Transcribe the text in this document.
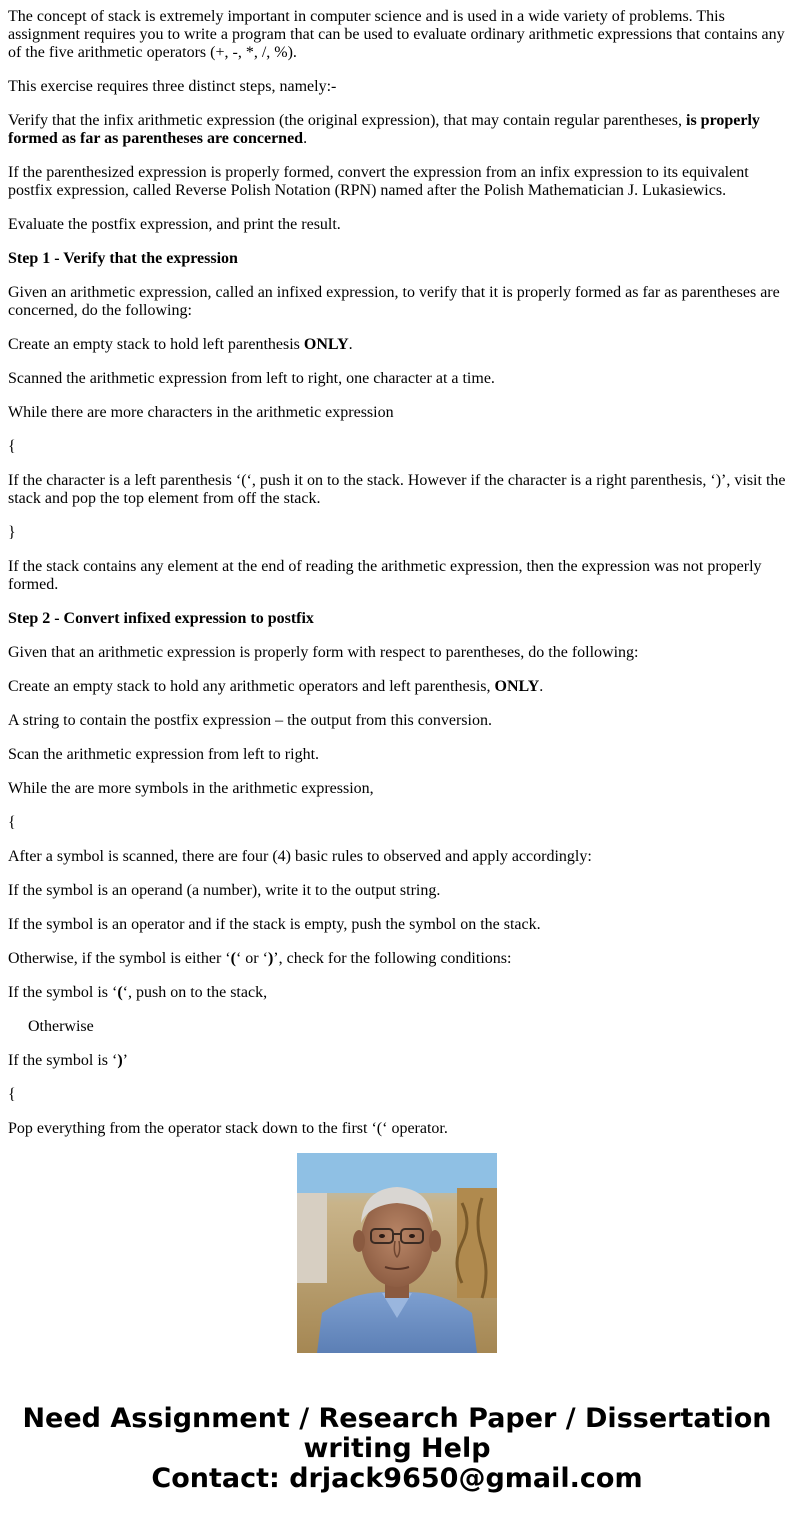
The concept of stack is extremely important in computer science and is used in a wide variety of problems. This assignment requires you to write a program that can be used to evaluate ordinary arithmetic expressions that contains any of the five arithmetic operators (+, -, *, /, %).

This exercise requires three distinct steps, namely:-

Verify that the infix arithmetic expression (the original expression), that may contain regular parentheses, is properly formed as far as parentheses are concerned.

If the parenthesized expression is properly formed, convert the expression from an infix expression to its equivalent postfix expression, called Reverse Polish Notation (RPN) named after the Polish Mathematician J. Lukasiewics.

Evaluate the postfix expression, and print the result.

Step 1 - Verify that the expression

Given an arithmetic expression, called an infixed expression, to verify that it is properly formed as far as parentheses are concerned, do the following:

Create an empty stack to hold left parenthesis ONLY.

Scanned the arithmetic expression from left to right, one character at a time.

While there are more characters in the arithmetic expression

{

If the character is a left parenthesis ‘(‘, push it on to the stack. However if the character is a right parenthesis, ‘)’, visit the stack and pop the top element from off the stack.

}

If the stack contains any element at the end of reading the arithmetic expression, then the expression was not properly formed.

Step 2 - Convert infixed expression to postfix

Given that an arithmetic expression is properly form with respect to parentheses, do the following:

Create an empty stack to hold any arithmetic operators and left parenthesis, ONLY.

A string to contain the postfix expression – the output from this conversion.

Scan the arithmetic expression from left to right.

While the are more symbols in the arithmetic expression,

{

After a symbol is scanned, there are four (4) basic rules to observed and apply accordingly:

If the symbol is an operand (a number), write it to the output string.

If the symbol is an operator and if the stack is empty, push the symbol on the stack.

Otherwise, if the symbol is either ‘(‘ or ‘)’, check for the following conditions:

If the symbol is ‘(‘, push on to the stack,

Otherwise

If the symbol is ‘)’

{

Pop everything from the operator stack down to the first ‘(‘ operator.

Need Assignment / Research Paper / Dissertation
writing Help
Contact: drjack9650@gmail.com
